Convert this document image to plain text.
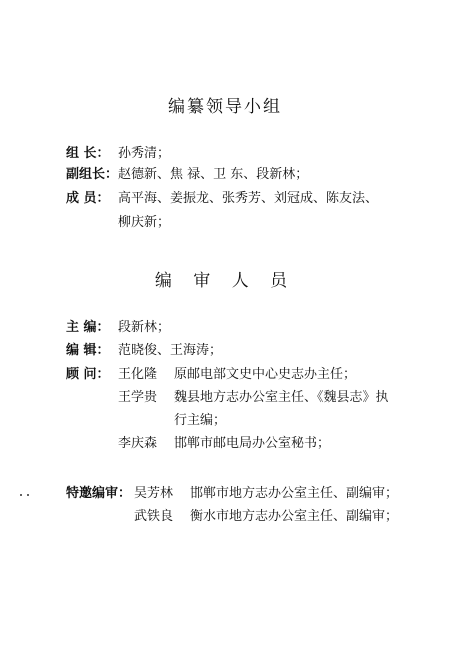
编纂领导小组
组 长： 孙秀清；
副组长：赵德新、焦 禄、卫 东、段新林；
成 员： 高平海、姜振龙、张秀芳、刘冠成、陈友法、
柳庆新；
编 审 人 员
主 编： 段新林；
编 辑： 范晓俊、王海涛；
顾 问： 王化隆 原邮电部文史中心史志办主任；
王学贵 魏县地方志办公室主任、《魏县志》执
行主编；
李庆森 邯郸市邮电局办公室秘书；
特邀编审： 吴芳林 邯郸市地方志办公室主任、副编审；
武铁良 衡水市地方志办公室主任、副编审；
